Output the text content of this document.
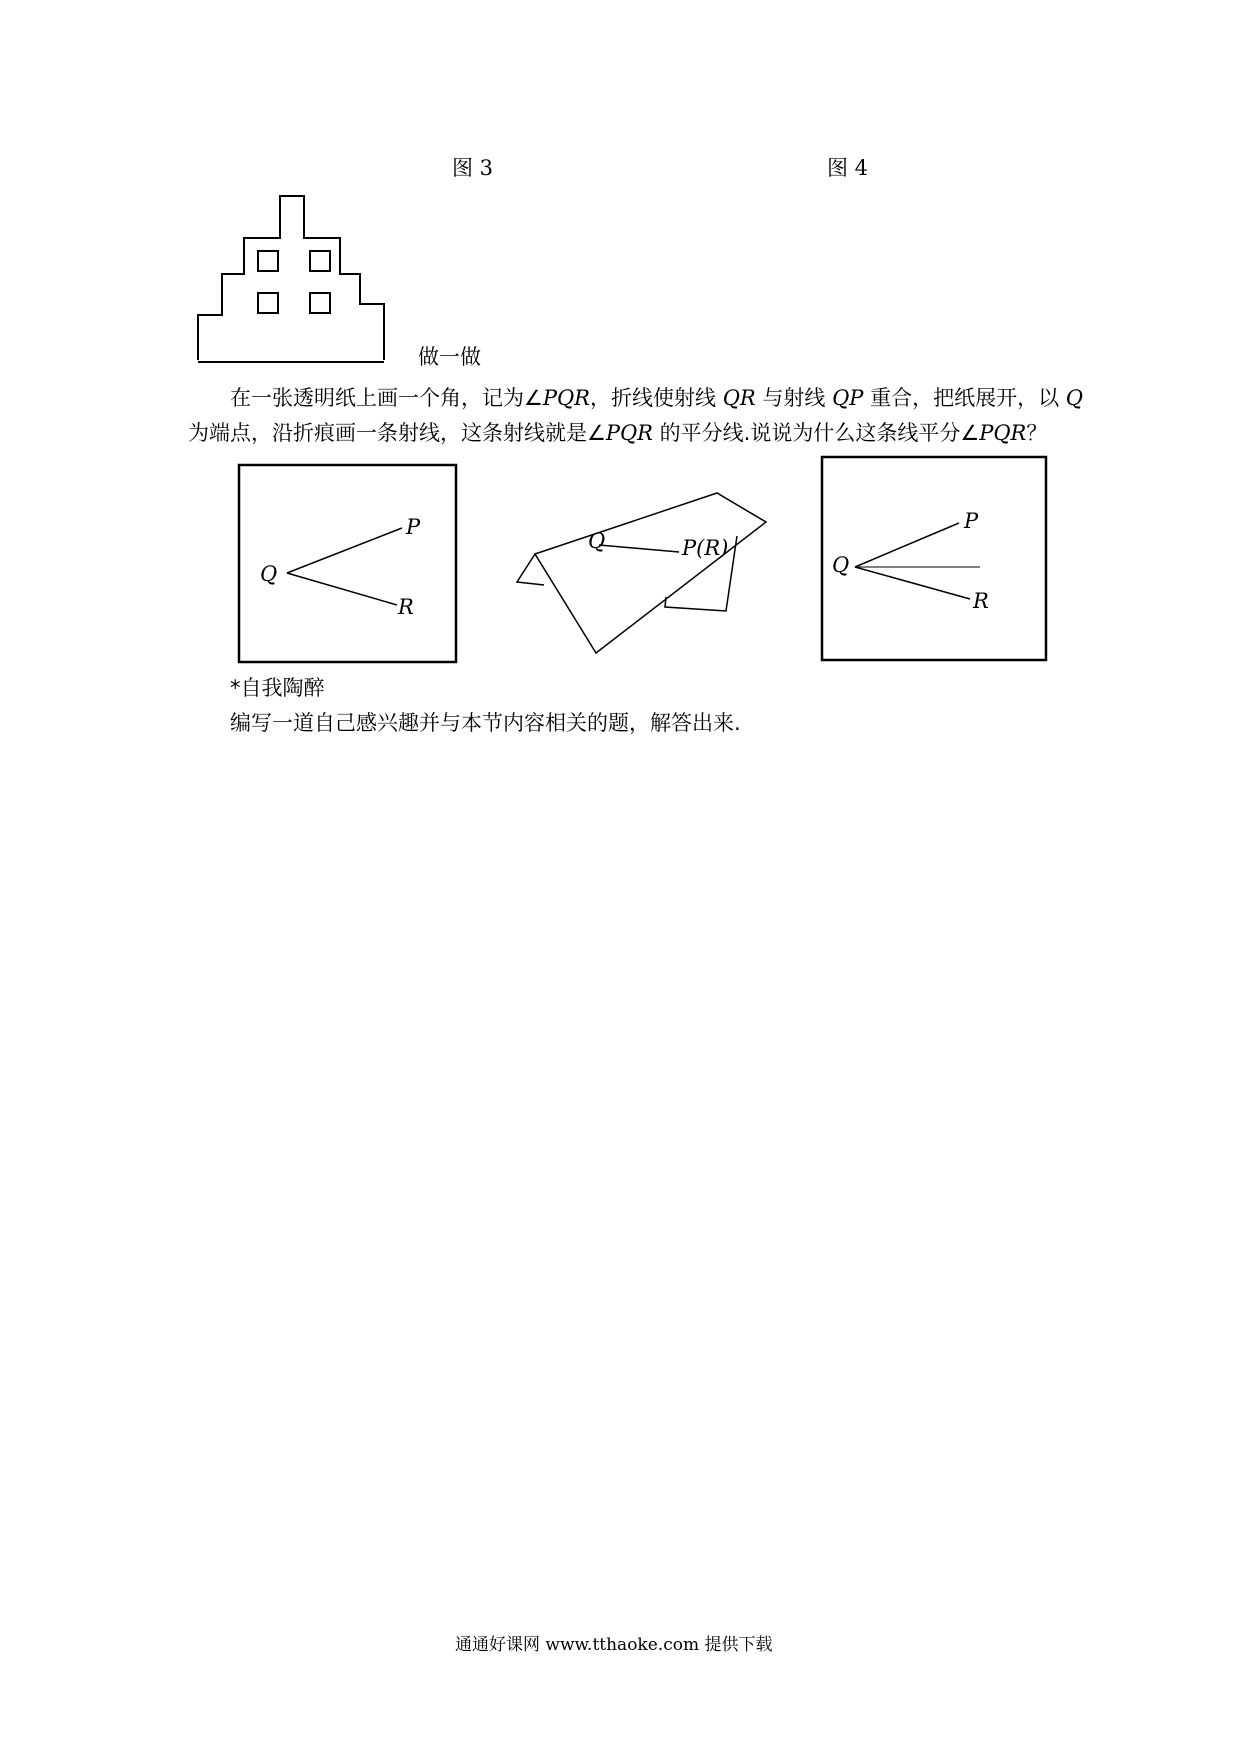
图 3	图 4
做一做
在一张透明纸上画一个角，记为∠PQR，折线使射线 QR 与射线 QP 重合，把纸展开，以 Q
为端点，沿折痕画一条射线，这条射线就是∠PQR 的平分线.说说为什么这条线平分∠PQR？
Q
P
R
Q	P(R)
Q
P
R
*自我陶醉
编写一道自己感兴趣并与本节内容相关的题，解答出来.
通通好课网 www.tthaoke.com 提供下载
